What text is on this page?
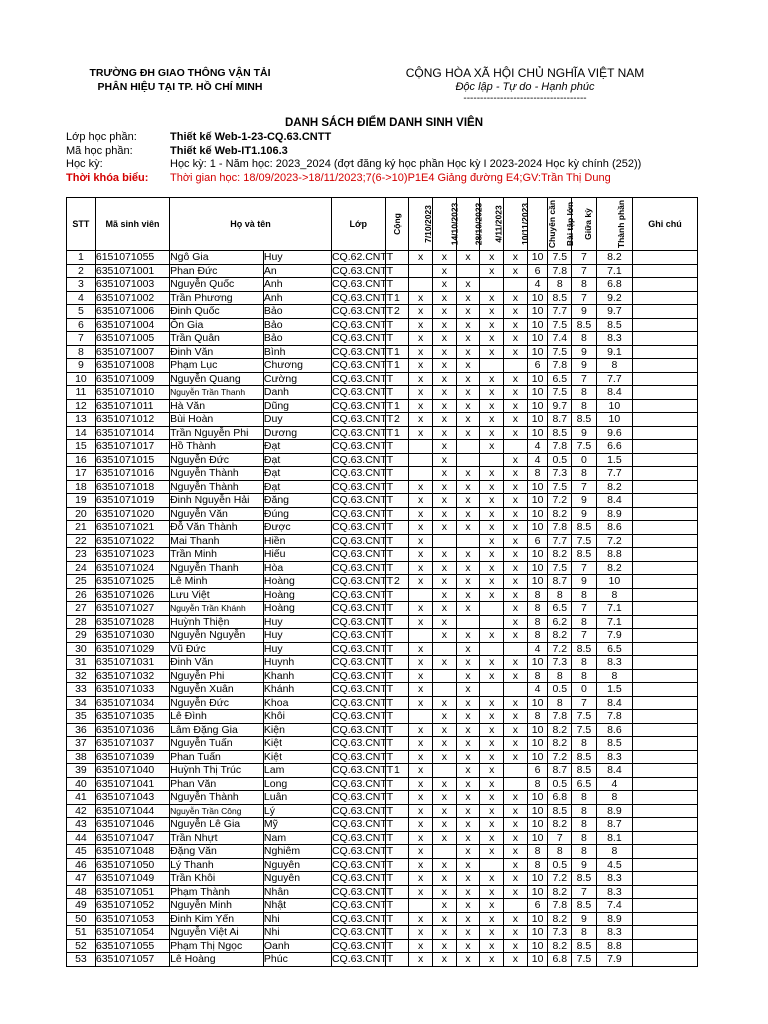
TRƯỜNG ĐH GIAO THÔNG VẬN TẢI
PHÂN HIỆU TẠI TP. HỒ CHÍ MINH
CỘNG HÒA XÃ HỘI CHỦ NGHĨA VIỆT NAM
Độc lập - Tự do - Hạnh phúc
-------------------------------------
DANH SÁCH ĐIỂM DANH SINH VIÊN
Lớp học phần:	Thiết kế Web-1-23-CQ.63.CNTT
Mã học phần:	Thiết kế Web-IT1.106.3
Học kỳ:	Học kỳ: 1 - Năm học: 2023_2024 (đợt đăng ký học phần Học kỳ I 2023-2024 Học kỳ chính (252))
Thời khóa biểu: Thời gian học: 18/09/2023->18/11/2023;7(6->10)P1E4 Giảng đường E4;GV:Trần Thị Dung
STT	Mã sinh viên	Họ và tên		Lớp	Cộng	7/10/2023	14/10/2023	28/10/2023	4/11/2023	10/11/2023	Chuyên cần	Bài tập lớn	Giữa kỳ	Thành phần	Ghi chú
1	6151071055	Ngô Gia	Huy	CQ.62.CNTT		x	x	x	x	x	10	7.5	7	8.2	
2	6351071001	Phan Đức	An	CQ.63.CNTT			x		x	x	6	7.8	7	7.1	
3	6351071003	Nguyễn Quốc	Anh	CQ.63.CNTT			x	x			4	8	8	6.8	
4	6351071002	Trần Phương	Anh	CQ.63.CNTT	1	x	x	x	x	x	10	8.5	7	9.2	
5	6351071006	Đinh Quốc	Bảo	CQ.63.CNTT	2	x	x	x	x	x	10	7.7	9	9.7	
6	6351071004	Ôn Gia	Bảo	CQ.63.CNTT		x	x	x	x	x	10	7.5	8.5	8.5	
7	6351071005	Trần Quân	Bảo	CQ.63.CNTT		x	x	x	x	x	10	7.4	8	8.3	
8	6351071007	Đinh Văn	Bình	CQ.63.CNTT	1	x	x	x	x	x	10	7.5	9	9.1	
9	6351071008	Phạm Lục	Chương	CQ.63.CNTT	1	x	x	x			6	7.8	9	8	
10	6351071009	Nguyễn Quang	Cường	CQ.63.CNTT		x	x	x	x	x	10	6.5	7	7.7	
11	6351071010	Nguyễn Trần Thanh	Danh	CQ.63.CNTT		x	x	x	x	x	10	7.5	8	8.4	
12	6351071011	Hà Văn	Dũng	CQ.63.CNTT	1	x	x	x	x	x	10	9.7	8	10	
13	6351071012	Bùi Hoàn	Duy	CQ.63.CNTT	2	x	x	x	x	x	10	8.7	8.5	10	
14	6351071014	Trần Nguyễn Phi	Dương	CQ.63.CNTT	1	x	x	x	x	x	10	8.5	9	9.6	
15	6351071017	Hồ Thành	Đạt	CQ.63.CNTT			x		x		4	7.8	7.5	6.6	
16	6351071015	Nguyễn Đức	Đạt	CQ.63.CNTT			x			x	4	0.5	0	1.5	
17	6351071016	Nguyễn Thành	Đạt	CQ.63.CNTT			x	x	x	x	8	7.3	8	7.7	
18	6351071018	Nguyễn Thành	Đạt	CQ.63.CNTT		x	x	x	x	x	10	7.5	7	8.2	
19	6351071019	Đinh Nguyễn Hải	Đăng	CQ.63.CNTT		x	x	x	x	x	10	7.2	9	8.4	
20	6351071020	Nguyễn Văn	Đúng	CQ.63.CNTT		x	x	x	x	x	10	8.2	9	8.9	
21	6351071021	Đỗ Văn Thành	Được	CQ.63.CNTT		x	x	x	x	x	10	7.8	8.5	8.6	
22	6351071022	Mai Thanh	Hiền	CQ.63.CNTT		x			x	x	6	7.7	7.5	7.2	
23	6351071023	Trần Minh	Hiếu	CQ.63.CNTT		x	x	x	x	x	10	8.2	8.5	8.8	
24	6351071024	Nguyễn Thanh	Hòa	CQ.63.CNTT		x	x	x	x	x	10	7.5	7	8.2	
25	6351071025	Lê Minh	Hoàng	CQ.63.CNTT	2	x	x	x	x	x	10	8.7	9	10	
26	6351071026	Lưu Việt	Hoàng	CQ.63.CNTT			x	x	x	x	8	8	8	8	
27	6351071027	Nguyễn Trần Khánh	Hoàng	CQ.63.CNTT		x	x	x		x	8	6.5	7	7.1	
28	6351071028	Huỳnh Thiện	Huy	CQ.63.CNTT		x	x			x	8	6.2	8	7.1	
29	6351071030	Nguyễn Nguyễn	Huy	CQ.63.CNTT			x	x	x	x	8	8.2	7	7.9	
30	6351071029	Vũ Đức	Huy	CQ.63.CNTT		x		x			4	7.2	8.5	6.5	
31	6351071031	Đinh Văn	Huynh	CQ.63.CNTT		x	x	x	x	x	10	7.3	8	8.3	
32	6351071032	Nguyễn Phi	Khanh	CQ.63.CNTT		x		x	x	x	8	8	8	8	
33	6351071033	Nguyễn Xuân	Khánh	CQ.63.CNTT		x		x			4	0.5	0	1.5	
34	6351071034	Nguyễn Đức	Khoa	CQ.63.CNTT		x	x	x	x	x	10	8	7	8.4	
35	6351071035	Lê Đình	Khôi	CQ.63.CNTT			x	x	x	x	8	7.8	7.5	7.8	
36	6351071036	Lâm Đặng Gia	Kiện	CQ.63.CNTT		x	x	x	x	x	10	8.2	7.5	8.6	
37	6351071037	Nguyễn Tuấn	Kiệt	CQ.63.CNTT		x	x	x	x	x	10	8.2	8	8.5	
38	6351071039	Phan Tuấn	Kiệt	CQ.63.CNTT		x	x	x	x	x	10	7.2	8.5	8.3	
39	6351071040	Huỳnh Thị Trúc	Lam	CQ.63.CNTT	1	x		x	x		6	8.7	8.5	8.4	
40	6351071041	Phan Văn	Long	CQ.63.CNTT		x	x	x	x		8	0.5	6.5	4	
41	6351071043	Nguyễn Thành	Luân	CQ.63.CNTT		x	x	x	x	x	10	6.8	8	8	
42	6351071044	Nguyễn Trần Công	Lý	CQ.63.CNTT		x	x	x	x	x	10	8.5	8	8.9	
43	6351071046	Nguyễn Lê Gia	Mỹ	CQ.63.CNTT		x	x	x	x	x	10	8.2	8	8.7	
44	6351071047	Trần Nhựt	Nam	CQ.63.CNTT		x	x	x	x	x	10	7	8	8.1	
45	6351071048	Đặng Văn	Nghiêm	CQ.63.CNTT		x		x	x	x	8	8	8	8	
46	6351071050	Lý Thanh	Nguyên	CQ.63.CNTT		x	x	x		x	8	0.5	9	4.5	
47	6351071049	Trần Khôi	Nguyên	CQ.63.CNTT		x	x	x	x	x	10	7.2	8.5	8.3	
48	6351071051	Phạm Thành	Nhân	CQ.63.CNTT		x	x	x	x	x	10	8.2	7	8.3	
49	6351071052	Nguyễn Minh	Nhật	CQ.63.CNTT			x	x	x		6	7.8	8.5	7.4	
50	6351071053	Đinh Kim Yến	Nhi	CQ.63.CNTT		x	x	x	x	x	10	8.2	9	8.9	
51	6351071054	Nguyễn Việt Ai	Nhi	CQ.63.CNTT		x	x	x	x	x	10	7.3	8	8.3	
52	6351071055	Phạm Thị Ngọc	Oanh	CQ.63.CNTT		x	x	x	x	x	10	8.2	8.5	8.8	
53	6351071057	Lê Hoàng	Phúc	CQ.63.CNTT		x	x	x	x	x	10	6.8	7.5	7.9	
